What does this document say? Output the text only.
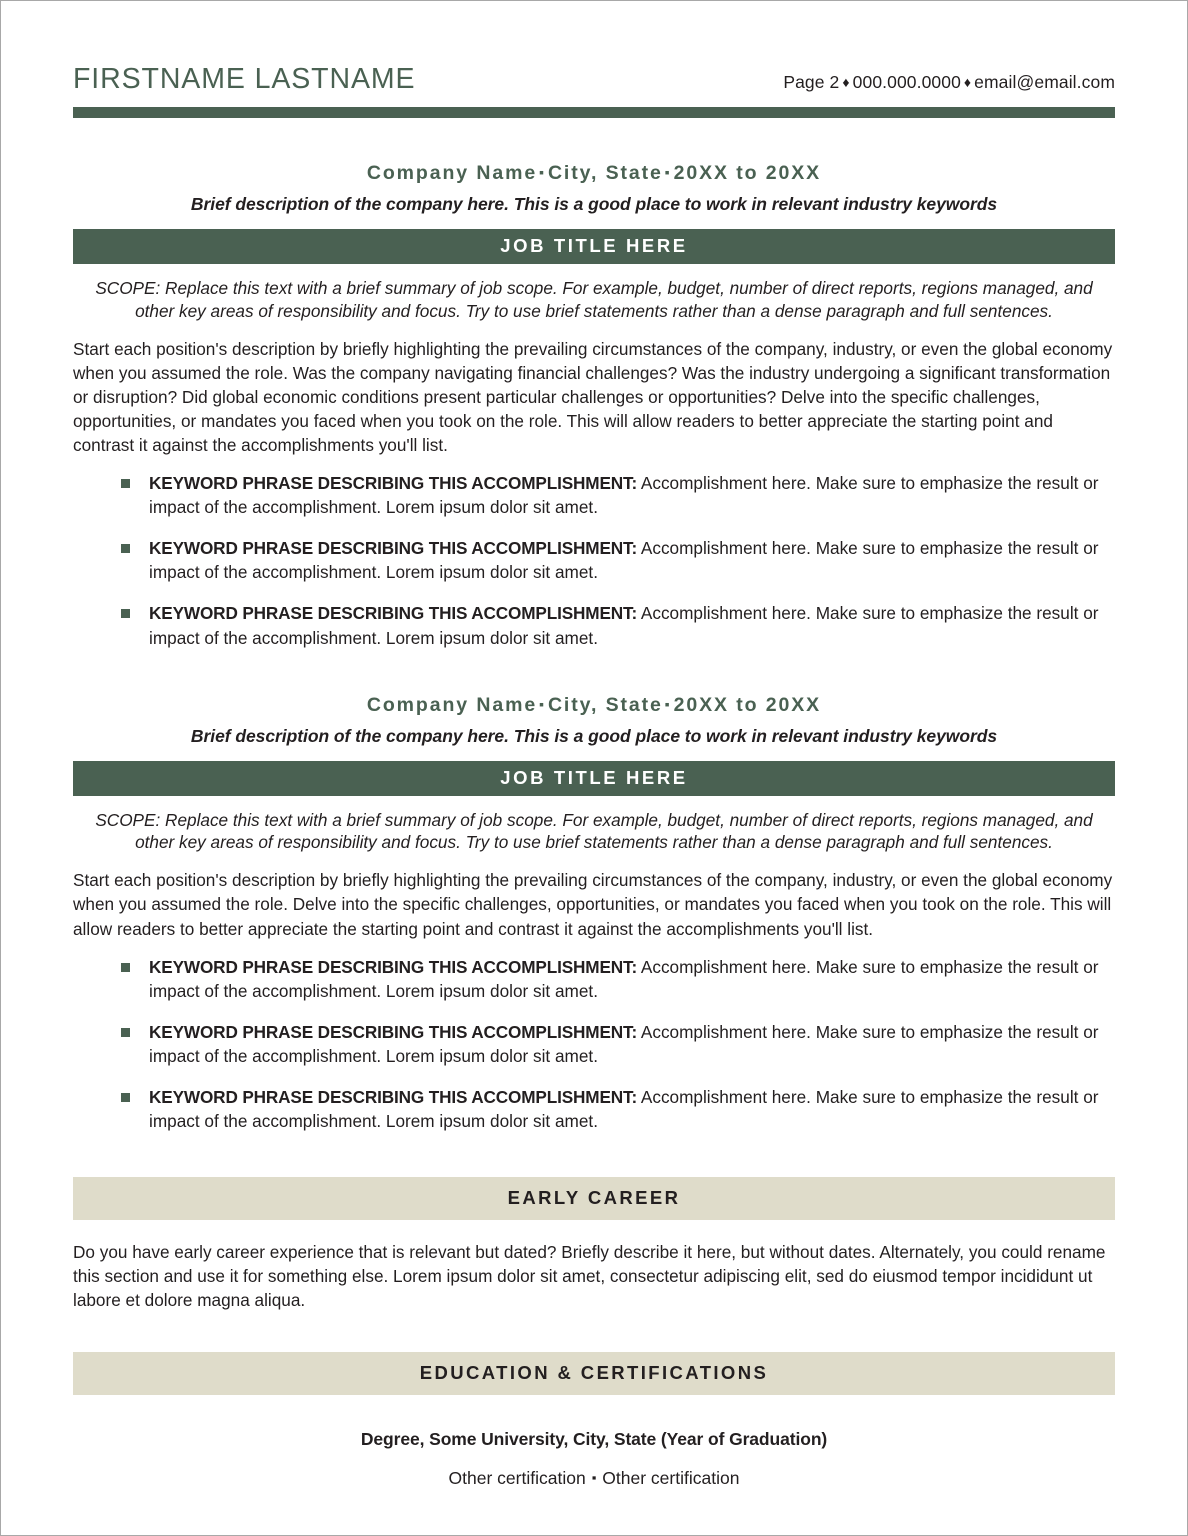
FIRSTNAME LASTNAME	Page 2 ♦ 000.000.0000 ♦ email@email.com
Company Name ▪ City, State ▪ 20XX to 20XX
Brief description of the company here. This is a good place to work in relevant industry keywords
JOB TITLE HERE
SCOPE: Replace this text with a brief summary of job scope. For example, budget, number of direct reports, regions managed, and other key areas of responsibility and focus. Try to use brief statements rather than a dense paragraph and full sentences.
Start each position's description by briefly highlighting the prevailing circumstances of the company, industry, or even the global economy when you assumed the role. Was the company navigating financial challenges? Was the industry undergoing a significant transformation or disruption? Did global economic conditions present particular challenges or opportunities? Delve into the specific challenges, opportunities, or mandates you faced when you took on the role. This will allow readers to better appreciate the starting point and contrast it against the accomplishments you'll list.
KEYWORD PHRASE DESCRIBING THIS ACCOMPLISHMENT: Accomplishment here. Make sure to emphasize the result or impact of the accomplishment. Lorem ipsum dolor sit amet.
KEYWORD PHRASE DESCRIBING THIS ACCOMPLISHMENT: Accomplishment here. Make sure to emphasize the result or impact of the accomplishment. Lorem ipsum dolor sit amet.
KEYWORD PHRASE DESCRIBING THIS ACCOMPLISHMENT: Accomplishment here. Make sure to emphasize the result or impact of the accomplishment. Lorem ipsum dolor sit amet.
Company Name ▪ City, State ▪ 20XX to 20XX
Brief description of the company here. This is a good place to work in relevant industry keywords
JOB TITLE HERE
SCOPE: Replace this text with a brief summary of job scope. For example, budget, number of direct reports, regions managed, and other key areas of responsibility and focus. Try to use brief statements rather than a dense paragraph and full sentences.
Start each position's description by briefly highlighting the prevailing circumstances of the company, industry, or even the global economy when you assumed the role. Delve into the specific challenges, opportunities, or mandates you faced when you took on the role. This will allow readers to better appreciate the starting point and contrast it against the accomplishments you'll list.
KEYWORD PHRASE DESCRIBING THIS ACCOMPLISHMENT: Accomplishment here. Make sure to emphasize the result or impact of the accomplishment. Lorem ipsum dolor sit amet.
KEYWORD PHRASE DESCRIBING THIS ACCOMPLISHMENT: Accomplishment here. Make sure to emphasize the result or impact of the accomplishment. Lorem ipsum dolor sit amet.
KEYWORD PHRASE DESCRIBING THIS ACCOMPLISHMENT: Accomplishment here. Make sure to emphasize the result or impact of the accomplishment. Lorem ipsum dolor sit amet.
EARLY CAREER
Do you have early career experience that is relevant but dated? Briefly describe it here, but without dates. Alternately, you could rename this section and use it for something else. Lorem ipsum dolor sit amet, consectetur adipiscing elit, sed do eiusmod tempor incididunt ut labore et dolore magna aliqua.
EDUCATION & CERTIFICATIONS
Degree, Some University, City, State (Year of Graduation)
Other certification ▪ Other certification
